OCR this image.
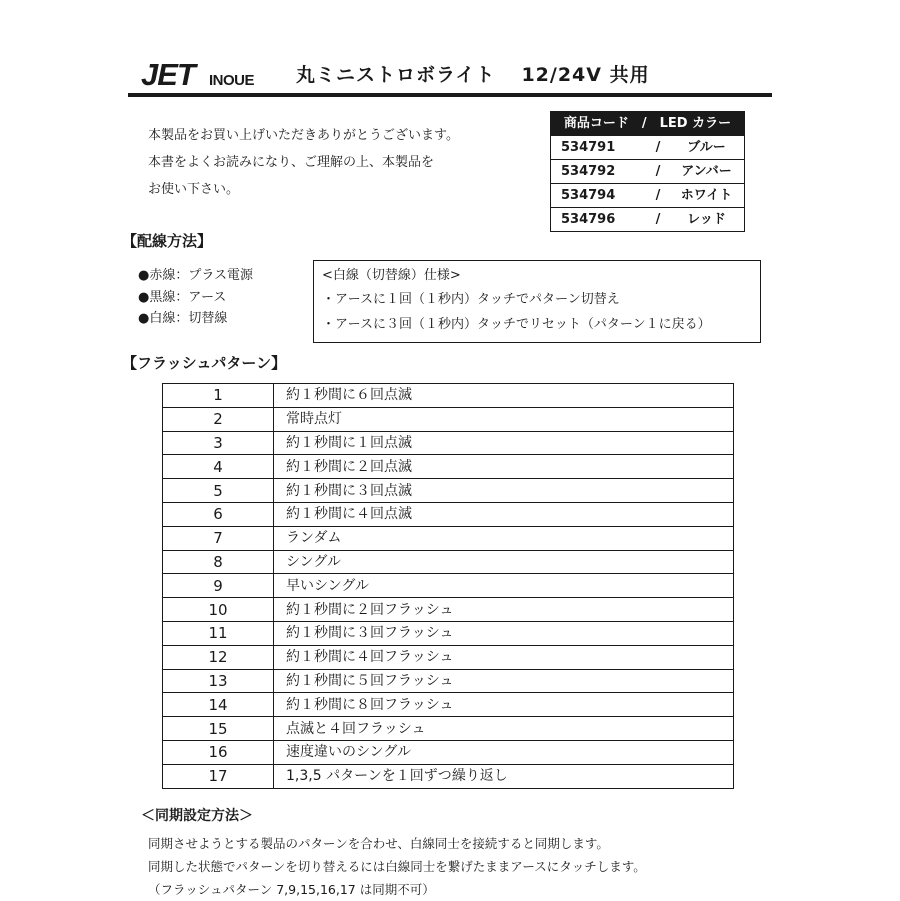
JET INOUE 丸ミニストロボライト 12/24V 共用
本製品をお買い上げいただきありがとうございます。
本書をよくお読みになり、ご理解の上、本製品を
お使い下さい。
商品コード　/　LED カラー
534791	/	ブルー
534792	/	アンバー
534794	/	ホワイト
534796	/	レッド
【配線方法】
●赤線：プラス電源
●黒線：アース
●白線：切替線
<白線（切替線）仕様>
・アースに１回（１秒内）タッチでパターン切替え
・アースに３回（１秒内）タッチでリセット（パターン１に戻る）
【フラッシュパターン】
1	約１秒間に６回点滅
2	常時点灯
3	約１秒間に１回点滅
4	約１秒間に２回点滅
5	約１秒間に３回点滅
6	約１秒間に４回点滅
7	ランダム
8	シングル
9	早いシングル
10	約１秒間に２回フラッシュ
11	約１秒間に３回フラッシュ
12	約１秒間に４回フラッシュ
13	約１秒間に５回フラッシュ
14	約１秒間に８回フラッシュ
15	点滅と４回フラッシュ
16	速度違いのシングル
17	1,3,5 パターンを１回ずつ繰り返し
＜同期設定方法＞
同期させようとする製品のパターンを合わせ、白線同士を接続すると同期します。
同期した状態でパターンを切り替えるには白線同士を繋げたままアースにタッチします。
（フラッシュパターン 7,9,15,16,17 は同期不可）
